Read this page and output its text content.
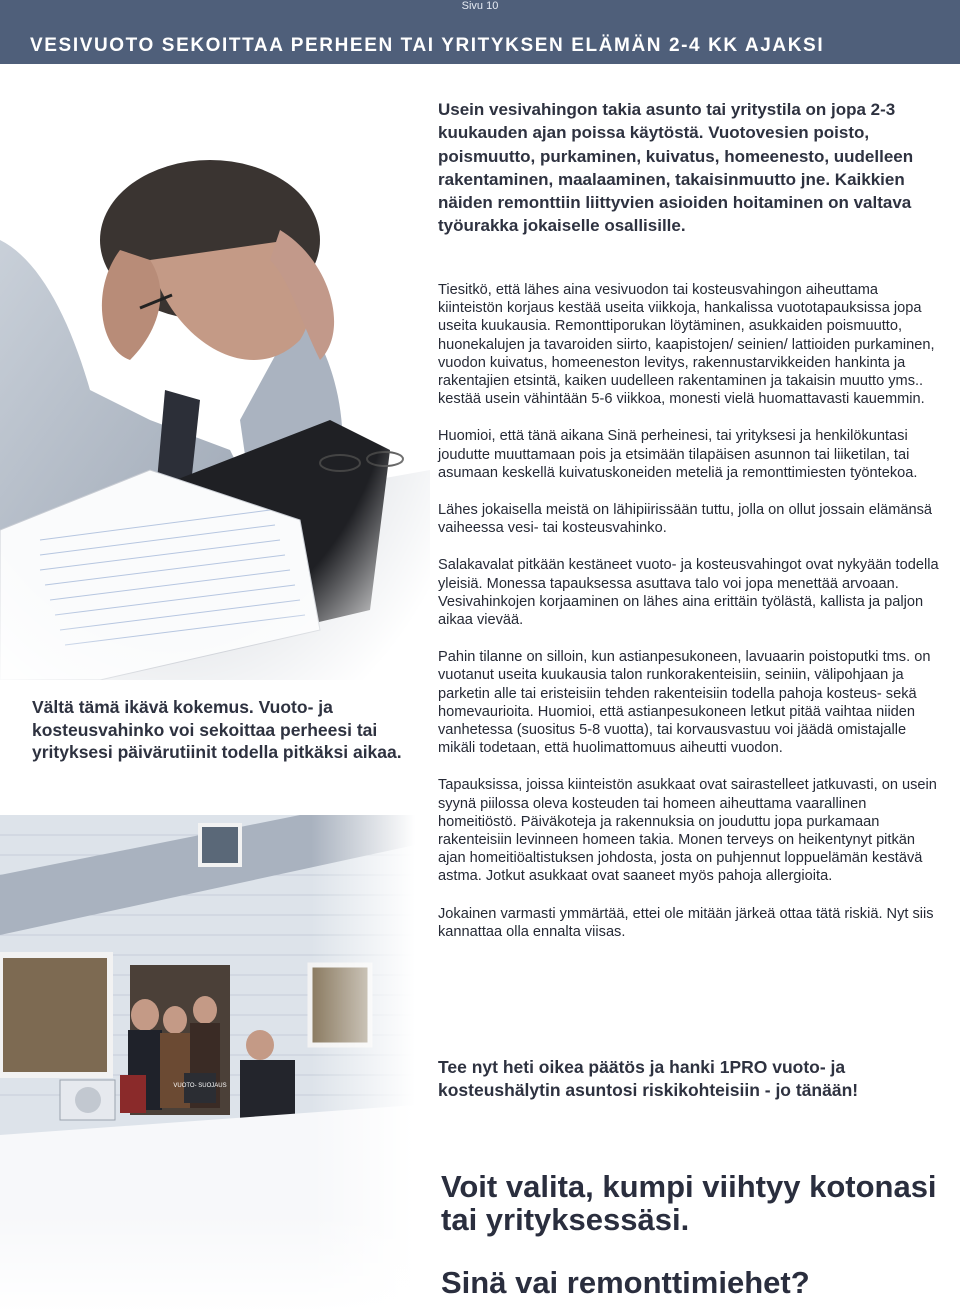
Sivu 10
VESIVUOTO SEKOITTAA PERHEEN TAI YRITYKSEN ELÄMÄN 2-4 KK AJAKSI

Usein vesivahingon takia asunto tai yritystila on jopa 2-3 kuukauden ajan poissa käytöstä. Vuotovesien poisto, poismuutto, purkaminen, kuivatus, homeenesto, uudelleen rakentaminen, maalaaminen, takaisinmuutto jne. Kaikkien näiden remonttiin liittyvien asioiden hoitaminen on valtava työurakka jokaiselle osallisille.

Tiesitkö, että lähes aina vesivuodon tai kosteusvahingon aiheuttama kiinteistön korjaus kestää useita viikkoja, hankalissa vuototapauksissa jopa useita kuukausia. Remonttiporukan löytäminen, asukkaiden poismuutto, huonekalujen ja tavaroiden siirto, kaapistojen/ seinien/ lattioiden purkaminen, vuodon kuivatus, homeeneston levitys, rakennustarvikkeiden hankinta ja rakentajien etsintä, kaiken uudelleen rakentaminen ja takaisin muutto yms.. kestää usein vähintään 5-6 viikkoa, monesti vielä huomattavasti kauemmin.

Huomioi, että tänä aikana Sinä perheinesi, tai yrityksesi ja henkilökuntasi joudutte muuttamaan pois ja etsimään tilapäisen asunnon tai liiketilan, tai asumaan keskellä kuivatuskoneiden meteliä ja remonttimiesten työntekoa.

Lähes jokaisella meistä on lähipiirissään tuttu, jolla on ollut jossain elämänsä vaiheessa vesi- tai kosteusvahinko.

Salakavalat pitkään kestäneet vuoto- ja kosteusvahingot ovat nykyään todella yleisiä. Monessa tapauksessa asuttava talo voi jopa menettää arvoaan. Vesivahinkojen korjaaminen on lähes aina erittäin työlästä, kallista ja paljon aikaa vievää.

Pahin tilanne on silloin, kun astianpesukoneen, lavuaarin poistoputki tms. on vuotanut useita kuukausia talon runkorakenteisiin, seiniin, välipohjaan ja parketin alle tai eristeisiin tehden rakenteisiin todella pahoja kosteus- sekä homevaurioita. Huomioi, että astianpesukoneen letkut pitää vaihtaa niiden vanhetessa (suositus 5-8 vuotta), tai korvausvastuu voi jäädä omistajalle mikäli todetaan, että huolimattomuus aiheutti vuodon.

Tapauksissa, joissa kiinteistön asukkaat ovat sairastelleet jatkuvasti, on usein syynä piilossa oleva kosteuden tai homeen aiheuttama vaarallinen homeitiöstö. Päiväkoteja ja rakennuksia on jouduttu jopa purkamaan rakenteisiin levinneen homeen takia. Monen terveys on heikentynyt pitkän ajan homeitiöaltistuksen johdosta, josta on puhjennut loppuelämän kestävä astma. Jotkut asukkaat ovat saaneet myös pahoja allergioita.

Jokainen varmasti ymmärtää, ettei ole mitään järkeä ottaa tätä riskiä. Nyt siis kannattaa olla ennalta viisas.

Vältä tämä ikävä kokemus. Vuoto- ja kosteusvahinko voi sekoittaa perheesi tai yrityksesi päivärutiinit todella pitkäksi aikaa.

Tee nyt heti oikea päätös ja hanki 1PRO vuoto- ja kosteushälytin asuntosi riskikohteisiin - jo tänään!

Voit valita, kumpi viihtyy kotonasi tai yrityksessäsi.

Sinä vai remonttimiehet?
